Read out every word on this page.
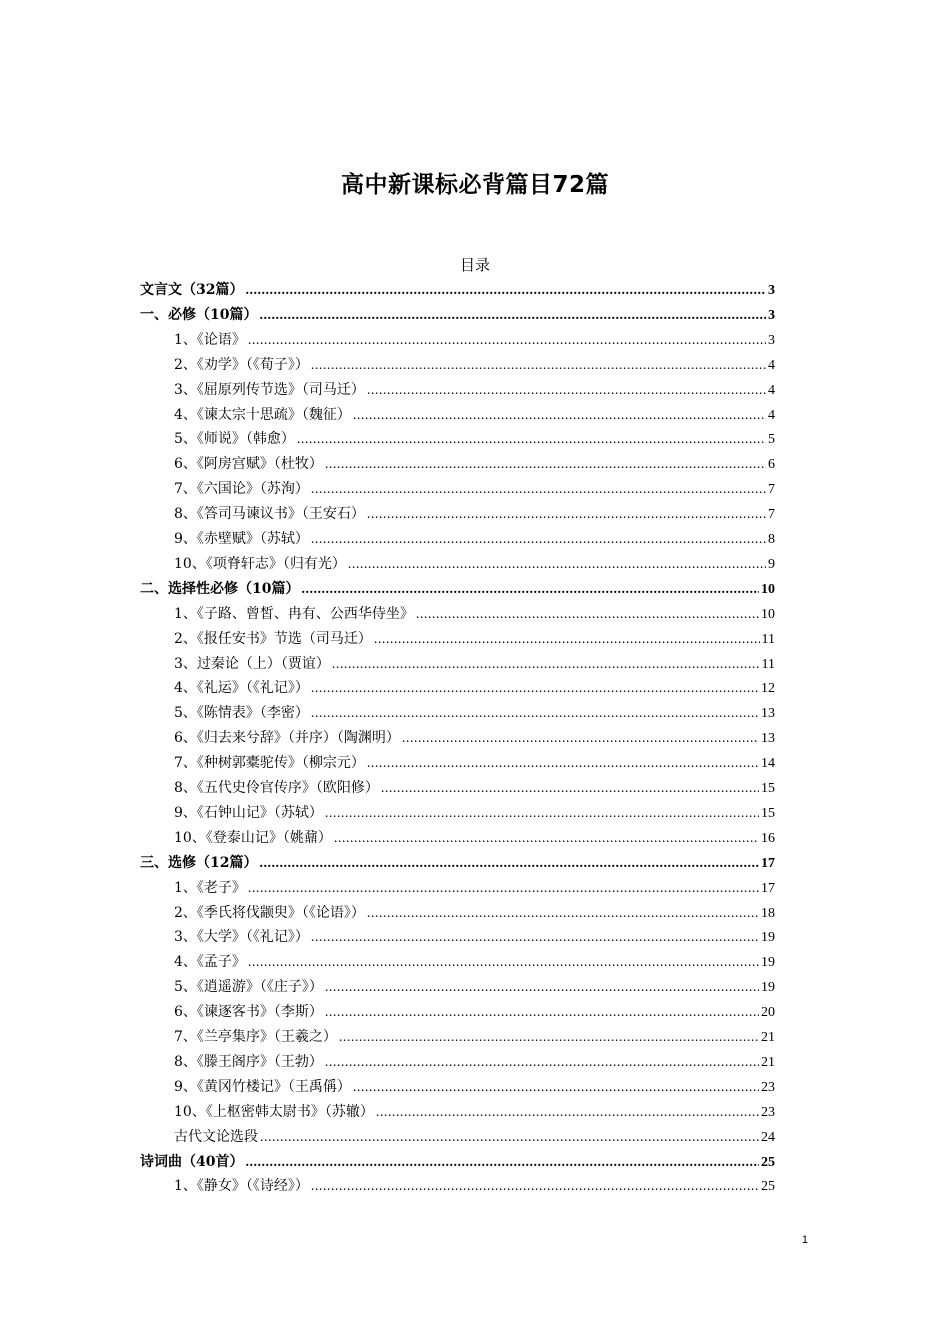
高中新课标必背篇目72篇
目录
文言文（32篇） .....	3
一、必修（10篇） .....	3
1、《论语》 .....	3
2、《劝学》（《荀子》） .....	4
3、《屈原列传节选》（司马迁） .....	4
4、《谏太宗十思疏》（魏征） .....	4
5、《师说》（韩愈） .....	5
6、《阿房宫赋》（杜牧） .....	6
7、《六国论》（苏洵） .....	7
8、《答司马谏议书》（王安石） .....	7
9、《赤壁赋》（苏轼） .....	8
10、《项脊轩志》（归有光） .....	9
二、选择性必修（10篇） .....	10
1、《子路、曾皙、冉有、公西华侍坐》 .....	10
2、《报任安书》节选（司马迁） .....	11
3、过秦论（上）（贾谊） .....	11
4、《礼运》（《礼记》） .....	12
5、《陈情表》（李密） .....	13
6、《归去来兮辞》（并序）（陶渊明） .....	13
7、《种树郭橐驼传》（柳宗元） .....	14
8、《五代史伶官传序》（欧阳修） .....	15
9、《石钟山记》（苏轼） .....	15
10、《登泰山记》（姚鼐） .....	16
三、选修（12篇） .....	17
1、《老子》 .....	17
2、《季氏将伐颛臾》（《论语》） .....	18
3、《大学》（《礼记》） .....	19
4、《孟子》 .....	19
5、《逍遥游》（《庄子》） .....	19
6、《谏逐客书》（李斯） .....	20
7、《兰亭集序》（王羲之） .....	21
8、《滕王阁序》（王勃） .....	21
9、《黄冈竹楼记》（王禹偁） .....	23
10、《上枢密韩太尉书》（苏辙） .....	23
古代文论选段 .....	24
诗词曲（40首） .....	25
1、《静女》（《诗经》） .....	25
1
